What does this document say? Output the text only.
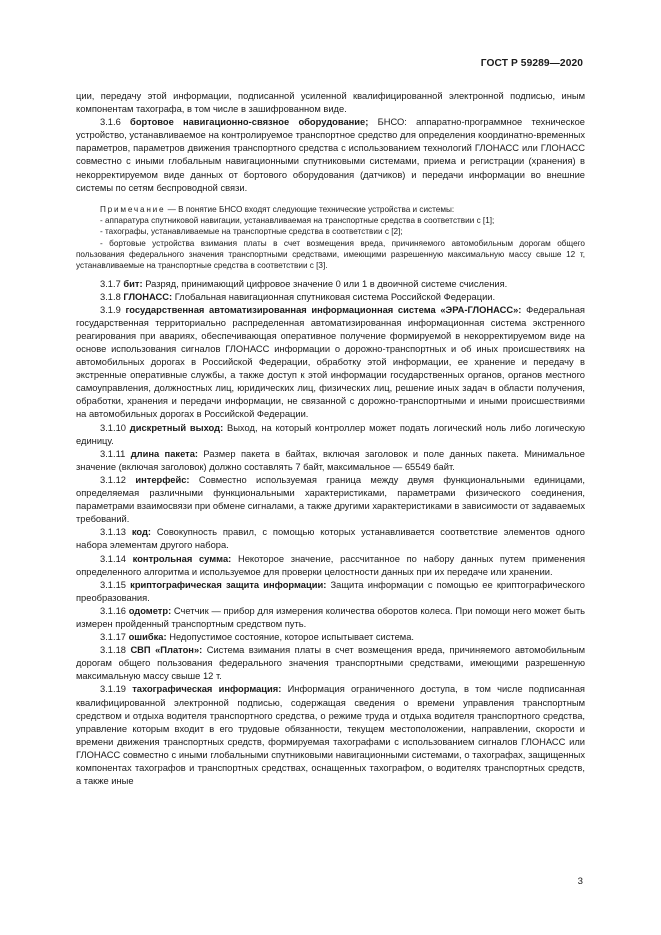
ГОСТ Р 59289—2020

ции, передачу этой информации, подписанной усиленной квалифицированной электронной подписью, иным компонентам тахографа, в том числе в зашифрованном виде.

3.1.6 бортовое навигационно-связное оборудование; БНСО: аппаратно-программное техническое устройство, устанавливаемое на контролируемое транспортное средство для определения координатно-временных параметров, параметров движения транспортного средства с использованием технологий ГЛОНАСС или ГЛОНАСС совместно с иными глобальным навигационными спутниковыми системами, приема и регистрации (хранения) в некорректируемом виде данных от бортового оборудования (датчиков) и передачи информации во внешние системы по сетям беспроводной связи.

Примечание — В понятие БНСО входят следующие технические устройства и системы:

- аппаратура спутниковой навигации, устанавливаемая на транспортные средства в соответствии с [1];

- тахографы, устанавливаемые на транспортные средства в соответствии с [2];

- бортовые устройства взимания платы в счет возмещения вреда, причиняемого автомобильным дорогам общего пользования федерального значения транспортными средствами, имеющими разрешенную максимальную массу свыше 12 т, устанавливаемые на транспортные средства в соответствии с [3].

3.1.7 бит: Разряд, принимающий цифровое значение 0 или 1 в двоичной системе счисления.

3.1.8 ГЛОНАСС: Глобальная навигационная спутниковая система Российской Федерации.

3.1.9 государственная автоматизированная информационная система «ЭРА-ГЛОНАСС»: Федеральная государственная территориально распределенная автоматизированная информационная система экстренного реагирования при авариях, обеспечивающая оперативное получение формируемой в некорректируемом виде на основе использования сигналов ГЛОНАСС информации о дорожно-транспортных и об иных происшествиях на автомобильных дорогах в Российской Федерации, обработку этой информации, ее хранение и передачу в экстренные оперативные службы, а также доступ к этой информации государственных органов, органов местного самоуправления, должностных лиц, юридических лиц, физических лиц, решение иных задач в области получения, обработки, хранения и передачи информации, не связанной с дорожно-транспортными и иными происшествиями на автомобильных дорогах в Российской Федерации.

3.1.10 дискретный выход: Выход, на который контроллер может подать логический ноль либо логическую единицу.

3.1.11 длина пакета: Размер пакета в байтах, включая заголовок и поле данных пакета. Минимальное значение (включая заголовок) должно составлять 7 байт, максимальное — 65549 байт.

3.1.12 интерфейс: Совместно используемая граница между двумя функциональными единицами, определяемая различными функциональными характеристиками, параметрами физического соединения, параметрами взаимосвязи при обмене сигналами, а также другими характеристиками в зависимости от задаваемых требований.

3.1.13 код: Совокупность правил, с помощью которых устанавливается соответствие элементов одного набора элементам другого набора.

3.1.14 контрольная сумма: Некоторое значение, рассчитанное по набору данных путем применения определенного алгоритма и используемое для проверки целостности данных при их передаче или хранении.

3.1.15 криптографическая защита информации: Защита информации с помощью ее криптографического преобразования.

3.1.16 одометр: Счетчик — прибор для измерения количества оборотов колеса. При помощи него может быть измерен пройденный транспортным средством путь.

3.1.17 ошибка: Недопустимое состояние, которое испытывает система.

3.1.18 СВП «Платон»: Система взимания платы в счет возмещения вреда, причиняемого автомобильным дорогам общего пользования федерального значения транспортными средствами, имеющими разрешенную максимальную массу свыше 12 т.

3.1.19 тахографическая информация: Информация ограниченного доступа, в том числе подписанная квалифицированной электронной подписью, содержащая сведения о времени управления транспортным средством и отдыха водителя транспортного средства, о режиме труда и отдыха водителя транспортного средства, управление которым входит в его трудовые обязанности, текущем местоположении, направлении, скорости и времени движения транспортных средств, формируемая тахографами с использованием сигналов ГЛОНАСС или ГЛОНАСС совместно с иными глобальными спутниковыми навигационными системами, о тахографах, защищенных компонентах тахографов и транспортных средствах, оснащенных тахографом, о водителях транспортных средств, а также иные

3
